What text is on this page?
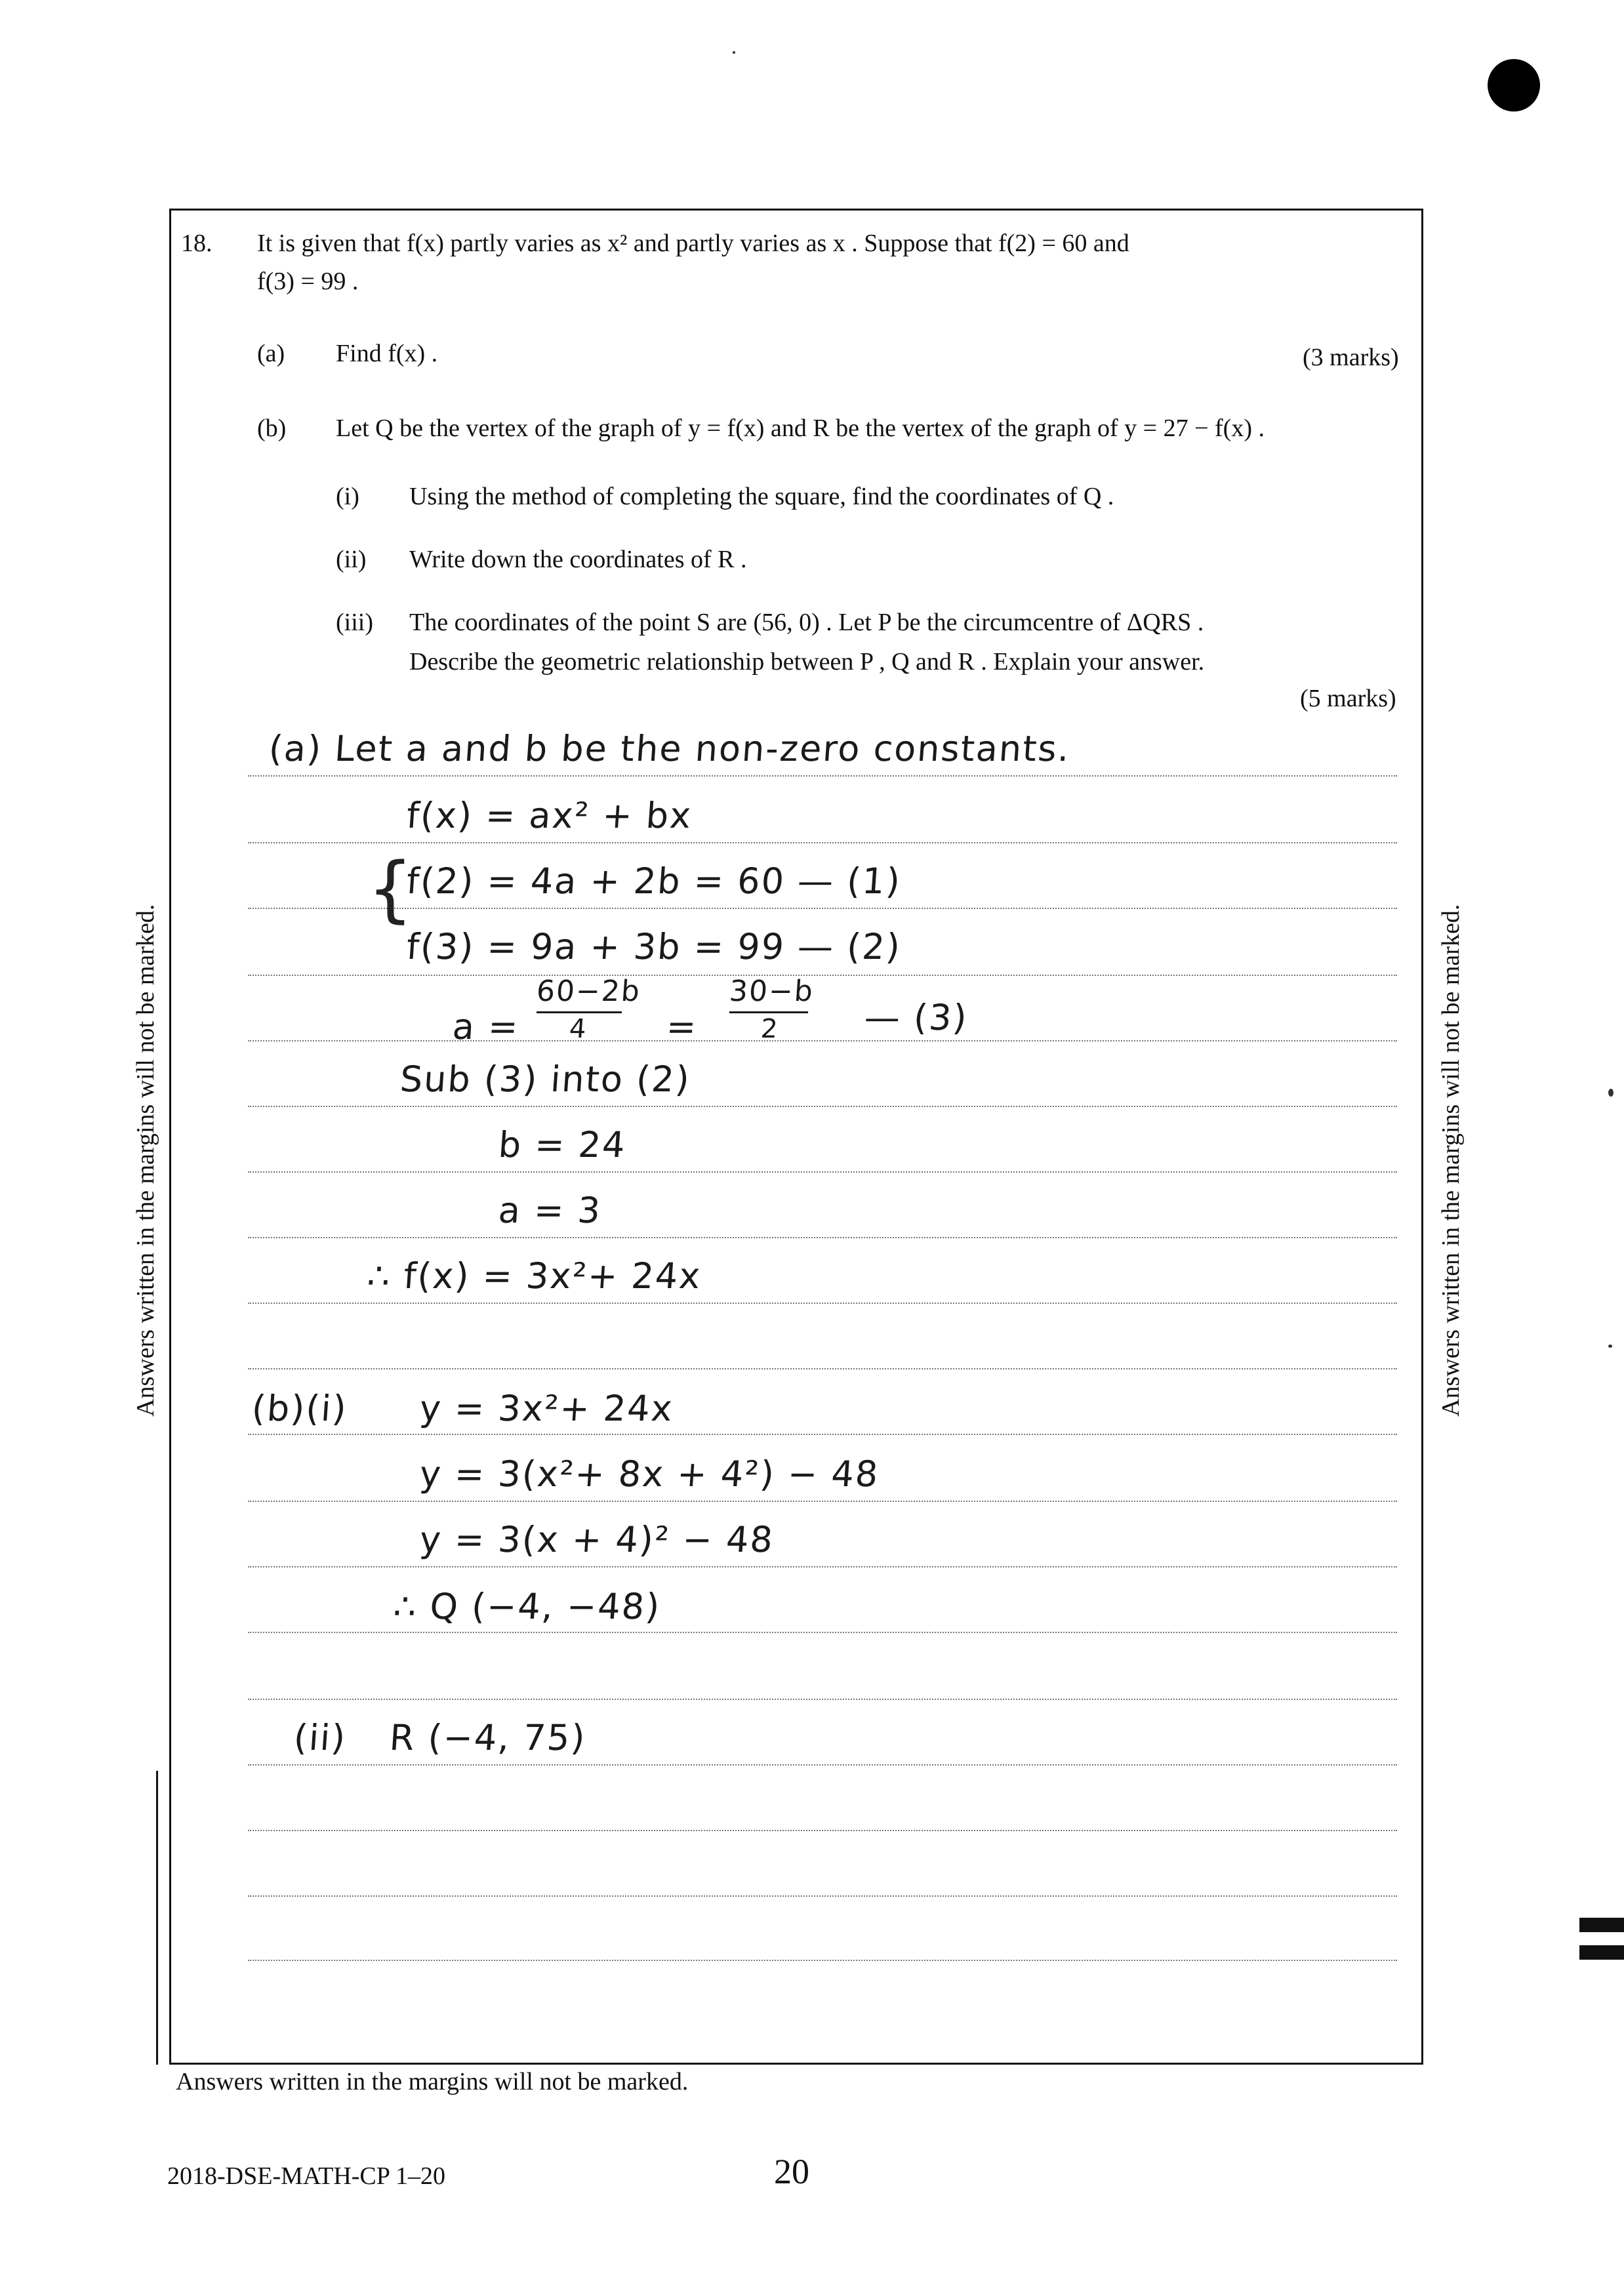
18. It is given that f(x) partly varies as x² and partly varies as x . Suppose that f(2) = 60 and
f(3) = 99 .
(a) Find f(x) .	(3 marks)
(b) Let Q be the vertex of the graph of y = f(x) and R be the vertex of the graph of y = 27 − f(x) .
(i) Using the method of completing the square, find the coordinates of Q .
(ii) Write down the coordinates of R .
(iii) The coordinates of the point S are (56, 0) . Let P be the circumcentre of ΔQRS .
Describe the geometric relationship between P , Q and R . Explain your answer.
(5 marks)
(a) Let a and b be the non-zero constants.
f(x) = ax² + bx
{
f(2) = 4a + 2b = 60 — (1)
f(3) = 9a + 3b = 99 — (2)
a =
60−2b
4 =
30−b
2 — (3)
Sub (3) into (2)
b = 24
a = 3
∴ f(x) = 3x²+ 24x
(b)(i) y = 3x²+ 24x
y = 3(x²+ 8x + 4²) − 48
y = 3(x + 4)² − 48
∴ Q (−4, −48)
(ii) R (−4, 75)
Answers written in the margins will not be marked.	Answers written in the margins will not be marked.
Answers written in the margins will not be marked.
2018-DSE-MATH-CP 1–20	20
